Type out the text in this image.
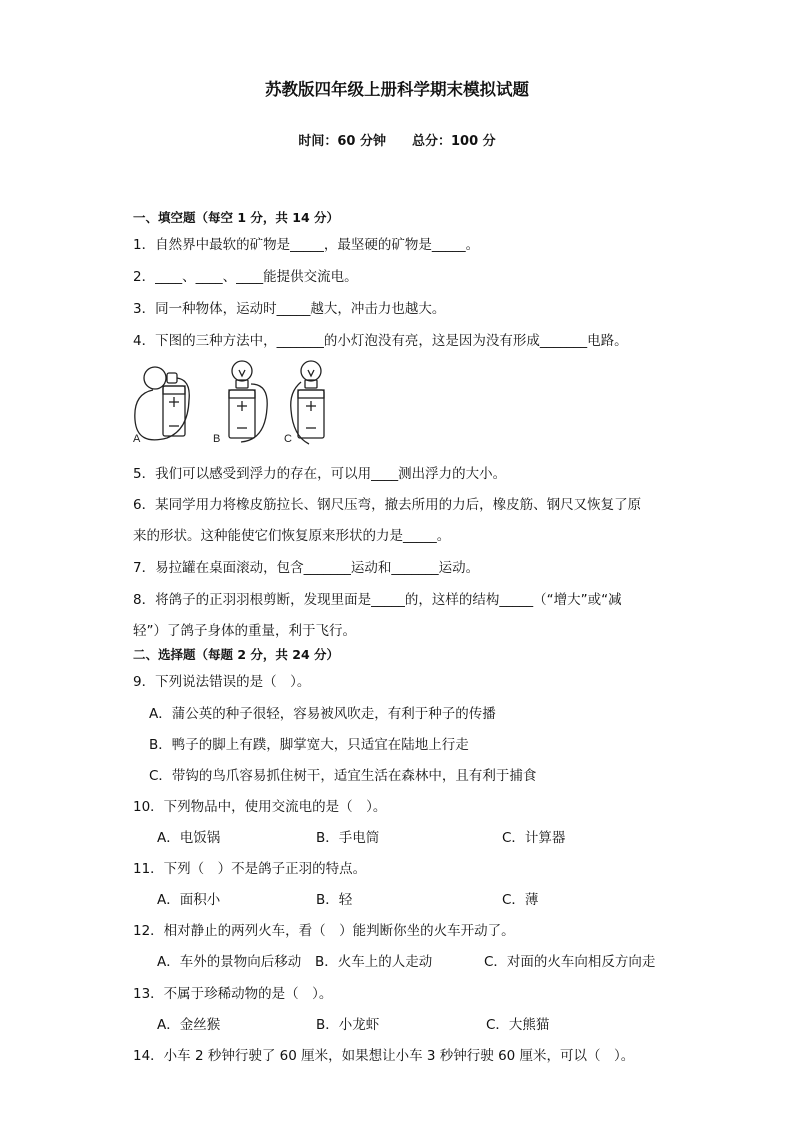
苏教版四年级上册科学期末模拟试题
时间：60 分钟　　总分：100 分
一、填空题（每空 1 分，共 14 分）
1．自然界中最软的矿物是_____，最坚硬的矿物是_____。
2．____、____、____能提供交流电。
3．同一种物体，运动时_____越大，冲击力也越大。
4．下图的三种方法中，_______的小灯泡没有亮，这是因为没有形成_______电路。
A	B	C
5．我们可以感受到浮力的存在，可以用____测出浮力的大小。
6．某同学用力将橡皮筋拉长、钢尺压弯，撤去所用的力后，橡皮筋、钢尺又恢复了原
来的形状。这种能使它们恢复原来形状的力是_____。
7．易拉罐在桌面滚动，包含_______运动和_______运动。
8．将鸽子的正羽羽根剪断，发现里面是_____的，这样的结构_____（“增大”或“减
轻”）了鸽子身体的重量，利于飞行。
二、选择题（每题 2 分，共 24 分）
9．下列说法错误的是（　）。
A．蒲公英的种子很轻，容易被风吹走，有利于种子的传播
B．鸭子的脚上有蹼，脚掌宽大，只适宜在陆地上行走
C．带钩的鸟爪容易抓住树干，适宜生活在森林中，且有利于捕食
10．下列物品中，使用交流电的是（　）。
A．电饭锅	B．手电筒	C．计算器
11．下列（　）不是鸽子正羽的特点。
A．面积小	B．轻	C．薄
12．相对静止的两列火车，看（　）能判断你坐的火车开动了。
A．车外的景物向后移动 B．火车上的人走动	C．对面的火车向相反方向走
13．不属于珍稀动物的是（　）。
A．金丝猴	B．小龙虾	C．大熊猫
14．小车 2 秒钟行驶了 60 厘米，如果想让小车 3 秒钟行驶 60 厘米，可以（　）。
